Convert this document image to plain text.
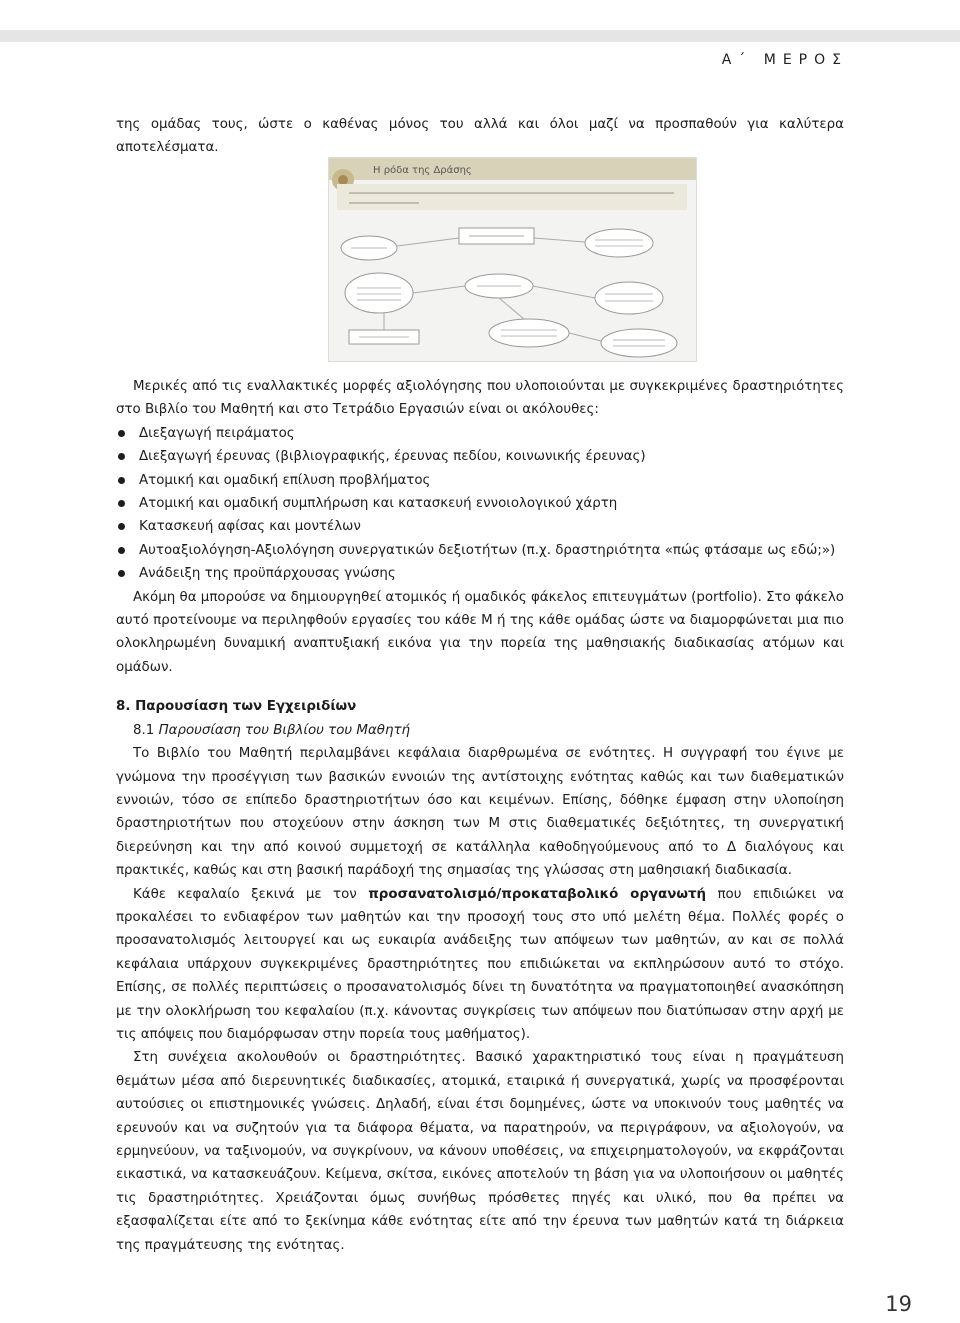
Α΄ ΜΕΡΟΣ

της ομάδας τους, ώστε ο καθένας μόνος του αλλά και όλοι μαζί να προσπαθούν για καλύτερα αποτελέσματα.

Η ρόδα της Δράσης

Μερικές από τις εναλλακτικές μορφές αξιολόγησης που υλοποιούνται με συγκεκριμένες δραστηριότητες στο Βιβλίο του Μαθητή και στο Τετράδιο Εργασιών είναι οι ακόλουθες:

Διεξαγωγή πειράματος
Διεξαγωγή έρευνας (βιβλιογραφικής, έρευνας πεδίου, κοινωνικής έρευνας)
Ατομική και ομαδική επίλυση προβλήματος
Ατομική και ομαδική συμπλήρωση και κατασκευή εννοιολογικού χάρτη
Κατασκευή αφίσας και μοντέλων
Αυτοαξιολόγηση-Αξιολόγηση συνεργατικών δεξιοτήτων (π.χ. δραστηριότητα «πώς φτάσαμε ως εδώ;»)
Ανάδειξη της προϋπάρχουσας γνώσης

Ακόμη θα μπορούσε να δημιουργηθεί ατομικός ή ομαδικός φάκελος επιτευγμάτων (portfolio). Στο φάκελο αυτό προτείνουμε να περιληφθούν εργασίες του κάθε Μ ή της κάθε ομάδας ώστε να διαμορφώνεται μια πιο ολοκληρωμένη δυναμική αναπτυξιακή εικόνα για την πορεία της μαθησιακής διαδικασίας ατόμων και ομάδων.

8. Παρουσίαση των Εγχειριδίων

8.1 Παρουσίαση του Βιβλίου του Μαθητή

Το Βιβλίο του Μαθητή περιλαμβάνει κεφάλαια διαρθρωμένα σε ενότητες. Η συγγραφή του έγινε με γνώμονα την προσέγγιση των βασικών εννοιών της αντίστοιχης ενότητας καθώς και των διαθεματικών εννοιών, τόσο σε επίπεδο δραστηριοτήτων όσο και κειμένων. Επίσης, δόθηκε έμφαση στην υλοποίηση δραστηριοτήτων που στοχεύουν στην άσκηση των Μ στις διαθεματικές δεξιότητες, τη συνεργατική διερεύνηση και την από κοινού συμμετοχή σε κατάλληλα καθοδηγούμενους από το Δ διαλόγους και πρακτικές, καθώς και στη βασική παράδοχή της σημασίας της γλώσσας στη μαθησιακή διαδικασία.

Κάθε κεφαλαίο ξεκινά με τον προσανατολισμό/προκαταβολικό οργανωτή που επιδιώκει να προκαλέσει το ενδιαφέρον των μαθητών και την προσοχή τους στο υπό μελέτη θέμα. Πολλές φορές ο προσανατολισμός λειτουργεί και ως ευκαιρία ανάδειξης των απόψεων των μαθητών, αν και σε πολλά κεφάλαια υπάρχουν συγκεκριμένες δραστηριότητες που επιδιώκεται να εκπληρώσουν αυτό το στόχο. Επίσης, σε πολλές περιπτώσεις ο προσανατολισμός δίνει τη δυνατότητα να πραγματοποιηθεί ανασκόπηση με την ολοκλήρωση του κεφαλαίου (π.χ. κάνοντας συγκρίσεις των απόψεων που διατύπωσαν στην αρχή με τις απόψεις που διαμόρφωσαν στην πορεία τους μαθήματος).

Στη συνέχεια ακολουθούν οι δραστηριότητες. Βασικό χαρακτηριστικό τους είναι η πραγμάτευση θεμάτων μέσα από διερευνητικές διαδικασίες, ατομικά, εταιρικά ή συνεργατικά, χωρίς να προσφέρονται αυτούσιες οι επιστημονικές γνώσεις. Δηλαδή, είναι έτσι δομημένες, ώστε να υποκινούν τους μαθητές να ερευνούν και να συζητούν για τα διάφορα θέματα, να παρατηρούν, να περιγράφουν, να αξιολογούν, να ερμηνεύουν, να ταξινομούν, να συγκρίνουν, να κάνουν υποθέσεις, να επιχειρηματολογούν, να εκφράζονται εικαστικά, να κατασκευάζουν. Κείμενα, σκίτσα, εικόνες αποτελούν τη βάση για να υλοποιήσουν οι μαθητές τις δραστηριότητες. Χρειάζονται όμως συνήθως πρόσθετες πηγές και υλικό, που θα πρέπει να εξασφαλίζεται είτε από το ξεκίνημα κάθε ενότητας είτε από την έρευνα των μαθητών κατά τη διάρκεια της πραγμάτευσης της ενότητας.

19
